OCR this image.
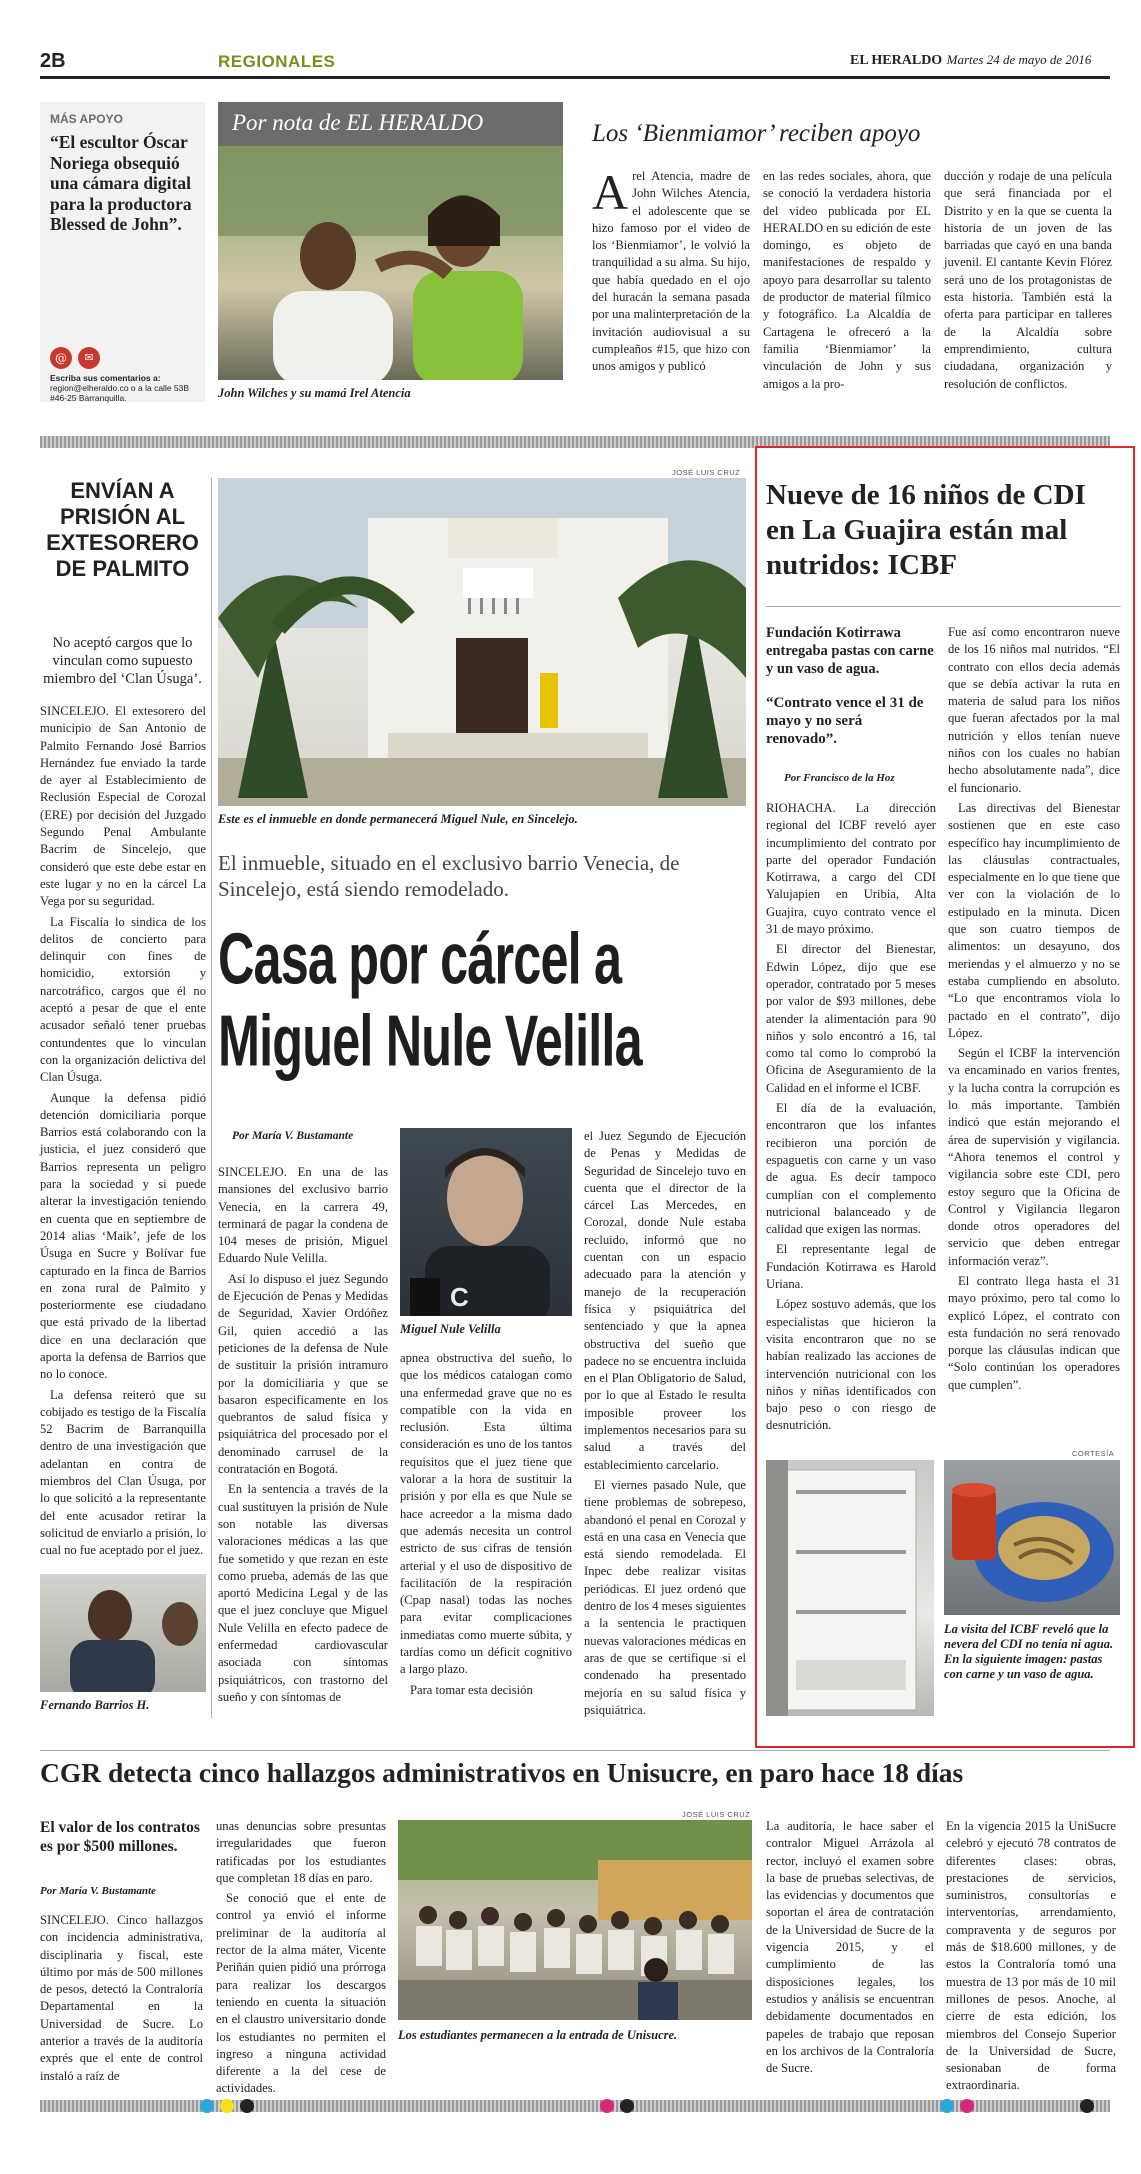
2B	REGIONALES	EL HERALDO Martes 24 de mayo de 2016
MÁS APOYO
“El escultor Óscar Noriega obsequió una cámara digital para la productora Blessed de John”.
@	✉
Escriba sus comentarios a:
region@elheraldo.co o a la calle 53B #46-25 Barranquilla.
Por nota de EL HERALDO
John Wilches y su mamá Irel Atencia
Los ‘Bienmiamor’ reciben apoyo
A rel Atencia, madre de John Wilches Atencia, el adolescente que se hizo famoso por el video de los ‘Bienmiamor’, le volvió la tranquilidad a su alma. Su hijo, que había quedado en el ojo del huracán la semana pasada por una malinterpretación de la invitación audiovisual a su cumpleaños #15, que hizo con unos amigos y publicó
en las redes sociales, ahora, que se conoció la verdadera historia del video publicada por EL HERALDO en su edición de este domingo, es objeto de manifestaciones de respaldo y apoyo para desarrollar su talento de productor de material fílmico y fotográfico. La Alcaldía de Cartagena le ofreceró a la familia ‘Bienmiamor’ la vinculación de John y sus amigos a la pro-
ducción y rodaje de una película que será financiada por el Distrito y en la que se cuenta la historia de un joven de las barriadas que cayó en una banda juvenil. El cantante Kevin Flórez será uno de los protagonistas de esta historia. También está la oferta para participar en talleres de la Alcaldía sobre emprendimiento, cultura ciudadana, organización y resolución de conflictos.
ENVÍAN A PRISIÓN AL EXTESORERO DE PALMITO
No aceptó cargos que lo vinculan como supuesto miembro del ‘Clan Úsuga’.

SINCELEJO. El extesorero del municipio de San Antonio de Palmito Fernando José Barrios Hernández fue enviado la tarde de ayer al Establecimiento de Reclusión Especial de Corozal (ERE) por decisión del Juzgado Segundo Penal Ambulante Bacrim de Sincelejo, que consideró que este debe estar en este lugar y no en la cárcel La Vega por su seguridad.

La Fiscalía lo sindica de los delitos de concierto para delinquir con fines de homicidio, extorsión y narcotráfico, cargos que él no aceptó a pesar de que el ente acusador señaló tener pruebas contundentes que lo vinculan con la organización delictiva del Clan Úsuga.

Aunque la defensa pidió detención domiciliaria porque Barrios está colaborando con la justicia, el juez consideró que Barrios representa un peligro para la sociedad y si puede alterar la investigación teniendo en cuenta que en septiembre de 2014 alias ‘Maik’, jefe de los Úsuga en Sucre y Bolívar fue capturado en la finca de Barrios en zona rural de Palmito y posteriormente ese ciudadano que está privado de la libertad dice en una declaración que aporta la defensa de Barrios que no lo conoce.

La defensa reiteró que su cobijado es testigo de la Fiscalía 52 Bacrim de Barranquilla dentro de una investigación que adelantan en contra de miembros del Clan Úsuga, por lo que solicitó a la representante del ente acusador retirar la solicitud de enviarlo a prisión, lo cual no fue aceptado por el juez.

Fernando Barrios H.
JOSÉ LUIS CRUZ
Este es el inmueble en donde permanecerá Miguel Nule, en Sincelejo.
El inmueble, situado en el exclusivo barrio Venecia, de Sincelejo, está siendo remodelado.
Casa por cárcel a
Miguel Nule Velilla
Por María V. Bustamante

SINCELEJO. En una de las mansiones del exclusivo barrio Venecia, en la carrera 49, terminará de pagar la condena de 104 meses de prisión, Miguel Eduardo Nule Velilla.

Así lo dispuso el juez Segundo de Ejecución de Penas y Medidas de Seguridad, Xavier Ordóñez Gil, quien accedió a las peticiones de la defensa de Nule de sustituir la prisión intramuro por la domiciliaria y que se basaron especificamente en los quebrantos de salud física y psiquiátrica del procesado por el denominado carrusel de la contratación en Bogotá.

En la sentencia a través de la cual sustituyen la prisión de Nule son notable las diversas valoraciones médicas a las que fue sometido y que rezan en este como prueba, además de las que aportó Medicina Legal y de las que el juez concluye que Miguel Nule Velilla en efecto padece de enfermedad cardiovascular asociada con síntomas psiquiátricos, con trastorno del sueño y con síntomas de

C
Miguel Nule Velilla

apnea obstructiva del sueño, lo que los médicos catalogan como una enfermedad grave que no es compatible con la vida en reclusión. Esta última consideración es uno de los tantos requisitos que el juez tiene que valorar a la hora de sustituir la prisión y por ella es que Nule se hace acreedor a la misma dado que además necesita un control estricto de sus cifras de tensión arterial y el uso de dispositivo de facilitación de la respiración (Cpap nasal) todas las noches para evitar complicaciones inmediatas como muerte súbita, y tardías como un déficit cognitivo a largo plazo.

Para tomar esta decisión

el Juez Segundo de Ejecución de Penas y Medidas de Seguridad de Sincelejo tuvo en cuenta que el director de la cárcel Las Mercedes, en Corozal, donde Nule estaba recluido, informó que no cuentan con un espacio adecuado para la atención y manejo de la recuperación física y psiquiátrica del sentenciado y que la apnea obstructiva del sueño que padece no se encuentra incluida en el Plan Obligatorio de Salud, por lo que al Estado le resulta imposible proveer los implementos necesarios para su salud a través del establecimiento carcelario.

El viernes pasado Nule, que tiene problemas de sobrepeso, abandonó el penal en Corozal y está en una casa en Venecia que está siendo remodelada. El Inpec debe realizar visitas periódicas. El juez ordenó que dentro de los 4 meses siguientes a la sentencia le practiquen nuevas valoraciones médicas en aras de que se certifique si el condenado ha presentado mejoría en su salud física y psiquiátrica.

Nueve de 16 niños de CDI en La Guajira están mal nutridos: ICBF
Fundación Kotirrawa entregaba pastas con carne y un vaso de agua.
“Contrato vence el 31 de mayo y no será renovado”.
Por Francisco de la Hoz

RIOHACHA. La dirección regional del ICBF reveló ayer incumplimiento del contrato por parte del operador Fundación Kotirrawa, a cargo del CDI Yalujapien en Uribia, Alta Guajira, cuyo contrato vence el 31 de mayo próximo.

El director del Bienestar, Edwin López, dijo que ese operador, contratado por 5 meses por valor de $93 millones, debe atender la alimentación para 90 niños y solo encontró a 16, tal como tal como lo comprobó la Oficina de Aseguramiento de la Calidad en el informe el ICBF.

El día de la evaluación, encontraron que los infantes recibieron una porción de espaguetis con carne y un vaso de agua. Es decir tampoco cumplían con el complemento nutricional balanceado y de calidad que exigen las normas.

El representante legal de Fundación Kotirrawa es Harold Uriana.

López sostuvo además, que los especialistas que hicieron la visita encontraron que no se habían realizado las acciones de intervención nutricional con los niños y niñas identificados con bajo peso o con riesgo de desnutrición.

Fue así como encontraron nueve de los 16 niños mal nutridos. “El contrato con ellos decía además que se debía activar la ruta en materia de salud para los niños que fueran afectados por la mal nutrición y ellos tenían nueve niños con los cuales no habían hecho absolutamente nada”, dice el funcionario.

Las directivas del Bienestar sostienen que en este caso específico hay incumplimiento de las cláusulas contractuales, especialmente en lo que tiene que ver con la violación de lo estipulado en la minuta. Dicen que son cuatro tiempos de alimentos: un desayuno, dos meriendas y el almuerzo y no se estaba cumpliendo en absoluto. “Lo que encontramos viola lo pactado en el contrato”, dijo López.

Según el ICBF la intervención va encaminado en varios frentes, y la lucha contra la corrupción es lo más importante. También indicó que están mejorando el área de supervisión y vigilancia. “Ahora tenemos el control y vigilancia sobre este CDI, pero estoy seguro que la Oficina de Control y Vigilancia llegaron donde otros operadores del servicio que deben entregar información veraz”.

El contrato llega hasta el 31 mayo próximo, pero tal como lo explicó López, el contrato con esta fundación no será renovado porque las cláusulas indican que “Solo continúan los operadores que cumplen”.

CORTESÍA
La visita del ICBF reveló que la nevera del CDI no tenía ni agua. En la siguiente imagen: pastas con carne y un vaso de agua.
CGR detecta cinco hallazgos administrativos en Unisucre, en paro hace 18 días
El valor de los contratos es por $500 millones.
Por María V. Bustamante
SINCELEJO. Cinco hallazgos con incidencia administrativa, disciplinaria y fiscal, este último por más de 500 millones de pesos, detectó la Contraloría Departamental en la Universidad de Sucre. Lo anterior a través de la auditoría exprés que el ente de control instaló a raíz de

unas denuncias sobre presuntas irregularidades que fueron ratificadas por los estudiantes que completan 18 días en paro.

Se conoció que el ente de control ya envió el informe preliminar de la auditoría al rector de la alma máter, Vicente Periñán quien pidió una prórroga para realizar los descargos teniendo en cuenta la situación en el claustro universitario donde los estudiantes no permiten el ingreso a ninguna actividad diferente a la del cese de actividades.

JOSÉ LUIS CRUZ
Los estudiantes permanecen a la entrada de Unisucre.
La auditoría, le hace saber el contralor Miguel Arrázola al rector, incluyó el examen sobre la base de pruebas selectivas, de las evidencias y documentos que soportan el área de contratación de la Universidad de Sucre de la vigencia 2015, y el cumplimiento de las disposiciones legales, los estudios y análisis se encuentran debidamente documentados en papeles de trabajo que reposan en los archivos de la Contraloría de Sucre.
En la vigencia 2015 la UniSucre celebró y ejecutó 78 contratos de diferentes clases: obras, prestaciones de servicios, suministros, consultorías e interventorías, arrendamiento, compraventa y de seguros por más de $18.600 millones, y de estos la Contraloría tomó una muestra de 13 por más de 10 mil millones de pesos. Anoche, al cierre de esta edición, los miembros del Consejo Superior de la Universidad de Sucre, sesionaban de forma extraordinaria.
